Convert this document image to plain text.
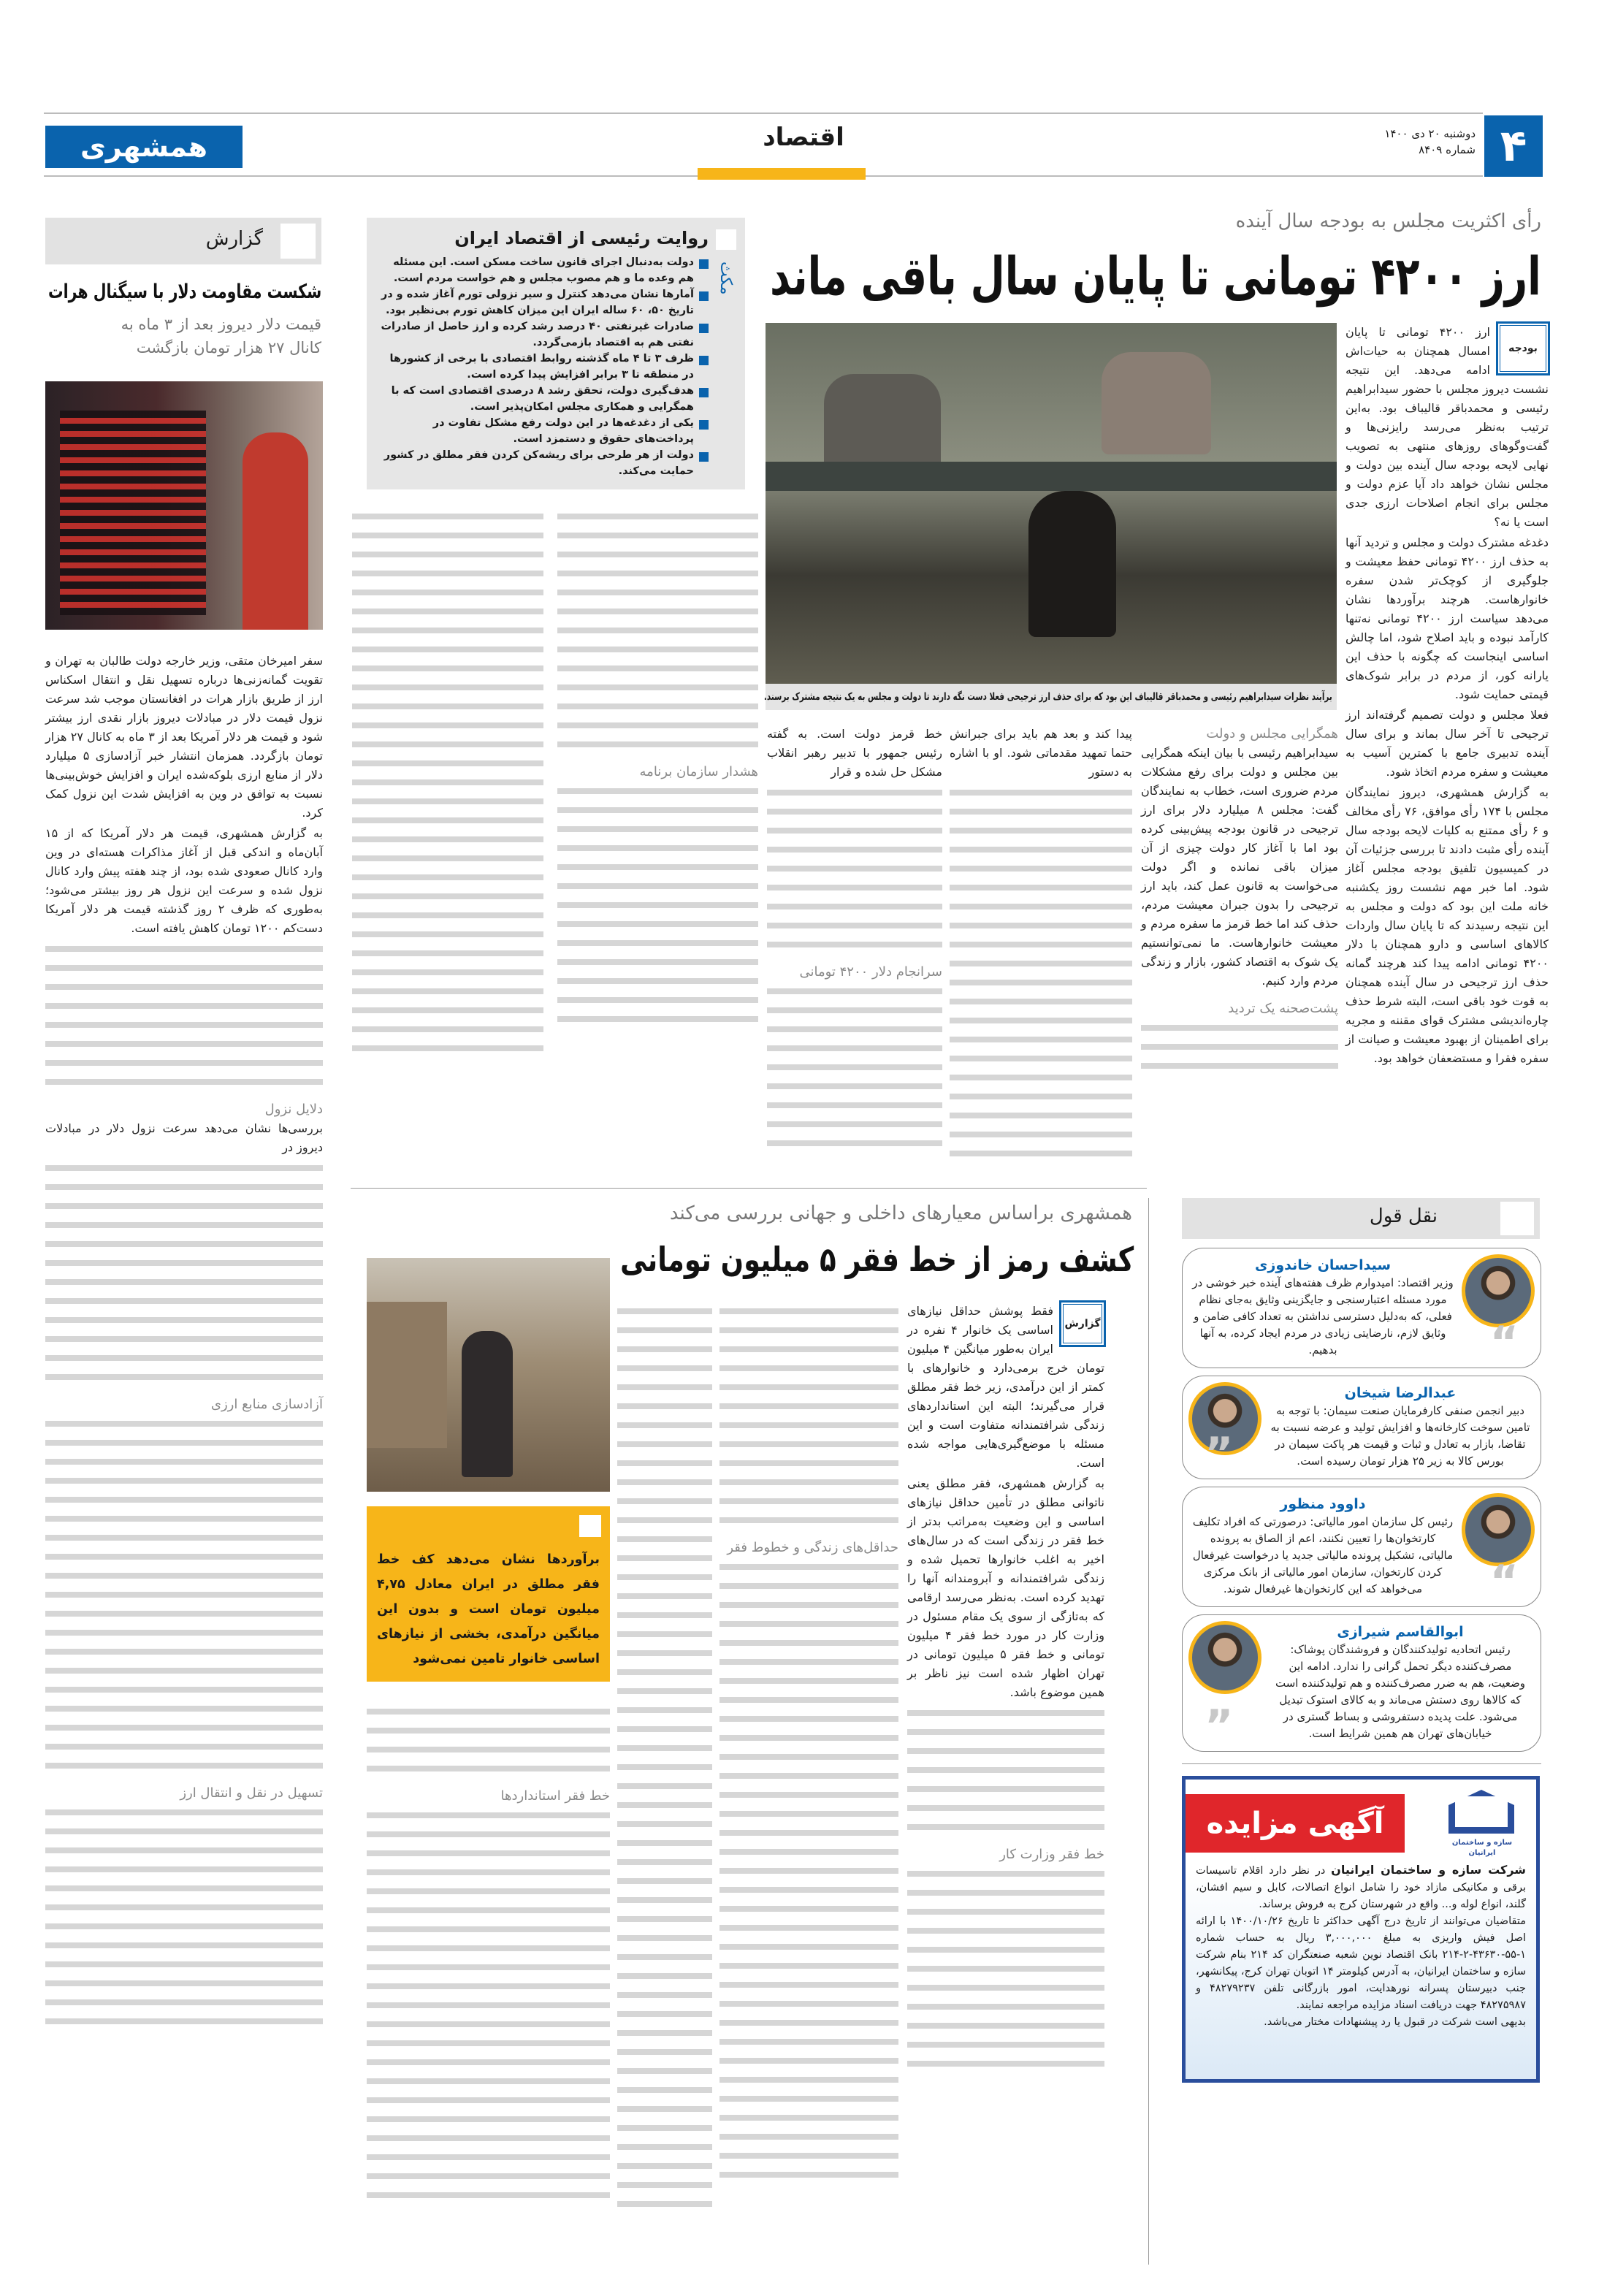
۴
دوشنبه ۲۰ دی ۱۴۰۰
شماره ۸۴۰۹
اقتصاد
همشهری
رأی اکثریت مجلس به بودجه سال آینده
ارز ۴۲۰۰ تومانی تا پایان سال باقی ماند
برآیند نظرات سیدابراهیم رئیسی و محمدباقر قالیباف این بود که برای حذف ارز ترجیحی فعلا دست نگه دارند تا دولت و مجلس به یک نتیجه مشترک برسند.
بودجه

ارز ۴۲۰۰ تومانی تا پایان امسال همچنان به حیات‌اش ادامه می‌دهد. این نتیجه نشست دیروز مجلس با حضور سیدابراهیم رئیسی و محمدباقر قالیباف بود. به‌این ترتیب به‌نظر می‌رسد رایزنی‌ها و گفت‌وگوهای روزهای منتهی به تصویب نهایی لایحه بودجه سال آینده بین دولت و مجلس نشان خواهد داد آیا عزم دولت و مجلس برای انجام اصلاحات ارزی جدی است یا نه؟

دغدغه مشترک دولت و مجلس و تردید آنها به حذف ارز ۴۲۰۰ تومانی حفظ معیشت و جلوگیری از کوچک‌تر شدن سفره خانوارهاست. هرچند برآوردها نشان می‌دهد سیاست ارز ۴۲۰۰ تومانی نه‌تنها کارآمد نبوده و باید اصلاح شود، اما چالش اساسی اینجاست که چگونه با حذف این یارانه کور، از مردم در برابر شوک‌های قیمتی حمایت شود.

فعلا مجلس و دولت تصمیم گرفته‌اند ارز ترجیحی تا آخر سال بماند و برای سال آینده تدبیری جامع با کمترین آسیب به معیشت و سفره مردم اتخاذ شود.

به گزارش همشهری، دیروز نمایندگان مجلس با ۱۷۴ رأی موافق، ۷۶ رأی مخالف و ۶ رأی ممتنع به کلیات لایحه بودجه سال آینده رأی مثبت دادند تا بررسی جزئیات آن در کمیسیون تلفیق بودجه مجلس آغاز شود. اما خبر مهم نشست روز یکشنبه خانه ملت این بود که دولت و مجلس به این نتیجه رسیدند که تا پایان سال واردات کالاهای اساسی و دارو همچنان با دلار ۴۲۰۰ تومانی ادامه پیدا کند هرچند گمانه حذف ارز ترجیحی در سال آینده همچنان به قوت خود باقی است، البته شرط حذف چاره‌اندیشی مشترک قوای مقننه و مجریه برای اطمینان از بهبود معیشت و صیانت از سفره فقرا و مستضعفان خواهد بود.

همگرایی مجلس و دولت

سیدابراهیم رئیسی با بیان اینکه همگرایی بین مجلس و دولت برای رفع مشکلات مردم ضروری است، خطاب به نمایندگان گفت: مجلس ۸ میلیارد دلار برای ارز ترجیحی در قانون بودجه پیش‌بینی کرده بود اما با آغاز کار دولت چیزی از آن میزان باقی نمانده و اگر دولت می‌خواست به قانون عمل کند، باید ارز ترجیحی را بدون جبران معیشت مردم، حذف کند اما خط قرمز ما سفره مردم و معیشت خانوارهاست. ما نمی‌توانستیم یک شوک به اقتصاد کشور، بازار و زندگی مردم وارد کنیم.

پشت‌صحنه یک تردید

پیدا کند و بعد هم باید برای جبرانش حتما تمهید مقدماتی شود. او با اشاره به دستور

خط قرمز دولت است. به گفته رئیس جمهور با تدبیر رهبر انقلاب مشکل حل شده و قرار

سرانجام دلار ۴۲۰۰ تومانی
مکث
روایت رئیسی از اقتصاد ایران
دولت به‌دنبال اجرای قانون ساخت مسکن است. این مسئله هم وعده ما و هم مصوب مجلس و هم خواست مردم است.
آمارها نشان می‌دهد کنترل و سیر نزولی تورم آغاز شده و در تاریخ ۵۰، ۶۰ ساله ایران این میزان کاهش تورم بی‌نظیر بود.
صادرات غیرنفتی ۴۰ درصد رشد کرده و ارز حاصل از صادرات نفتی هم به اقتصاد بازمی‌گردد.
ظرف ۳ تا ۴ ماه گذشته روابط اقتصادی با برخی از کشورها در منطقه تا ۳ برابر افزایش پیدا کرده است.
هدف‌گیری دولت، تحقق رشد ۸ درصدی اقتصادی است که با همگرایی و همکاری مجلس امکان‌پذیر است.
یکی از دغدغه‌ها در این دولت رفع مشکل تفاوت در پرداخت‌های حقوق و دستمزد است.
دولت از هر طرحی برای ریشه‌کن کردن فقر مطلق در کشور حمایت می‌کند.
هشدار سازمان برنامه
گزارش
شکست مقاومت دلار با سیگنال هرات
قیمت دلار دیروز بعد از ۳ ماه به کانال ۲۷ هزار تومان بازگشت

سفر امیرخان متقی، وزیر خارجه دولت طالبان به تهران و تقویت گمانه‌زنی‌ها درباره تسهیل نقل و انتقال اسکناس ارز از طریق بازار هرات در افغانستان موجب شد سرعت نزول قیمت دلار در مبادلات دیروز بازار نقدی ارز بیشتر شود و قیمت هر دلار آمریکا بعد از ۳ ماه به کانال ۲۷ هزار تومان بازگردد. همزمان انتشار خبر آزادسازی ۵ میلیارد دلار از منابع ارزی بلوکه‌شده ایران و افزایش خوش‌بینی‌ها نسبت به توافق در وین به افزایش شدت این نزول کمک کرد.

به گزارش همشهری، قیمت هر دلار آمریکا که از ۱۵ آبان‌ماه و اندکی قبل از آغاز مذاکرات هسته‌ای در وین وارد کانال صعودی شده بود، از چند هفته پیش وارد کانال نزول شده و سرعت این نزول هر روز بیشتر می‌شود؛ به‌طوری که ظرف ۲ روز گذشته قیمت هر دلار آمریکا دست‌کم ۱۲۰۰ تومان کاهش یافته است.

دلایل نزول

بررسی‌ها نشان می‌دهد سرعت نزول دلار در مبادلات دیروز در

آزادسازی منابع ارزی
تسهیل در نقل و انتقال ارز
همشهری براساس معیارهای داخلی و جهانی بررسی می‌کند
کشف رمز از خط فقر ۵ میلیون تومانی
برآوردها نشان می‌دهد کف خط فقر مطلق در ایران معادل ۴,۷۵ میلیون تومان است و بدون این میانگین درآمدی، بخشی از نیازهای اساسی خانوار تامین نمی‌شود
گزارش

فقط پوشش حداقل نیازهای اساسی یک خانوار ۴ نفره در ایران به‌طور میانگین ۴ میلیون تومان خرج برمی‌دارد و خانوارهای با کمتر از این درآمدی، زیر خط فقر مطلق قرار می‌گیرند؛ البته این استانداردهای زندگی شرافتمندانه متفاوت است و این مسئله با موضع‌گیری‌هایی مواجه شده است.

به گزارش همشهری، فقر مطلق یعنی ناتوانی مطلق در تأمین حداقل نیازهای اساسی و این وضعیت به‌مراتب بدتر از خط فقر در زندگی است که در سال‌های اخیر به اغلب خانوارها تحمیل شده و زندگی شرافتمندانه و آبرومندانه آنها را تهدید کرده است. به‌نظر می‌رسد ارقامی که به‌تازگی از سوی یک مقام مسئول در وزارت کار در مورد خط فقر ۴ میلیون تومانی و خط فقر ۵ میلیون تومانی در تهران اظهار شده است نیز ناظر بر همین موضوع باشد.

خط فقر وزارت کار
حداقل‌های زندگی و خطوط فقر
خط فقر استانداردها
نقل قول
“
سیداحسان خاندوزی
وزیر اقتصاد: امیدوارم ظرف هفته‌های آینده خبر خوشی در مورد مسئله اعتبارسنجی و جایگزینی وثایق به‌جای نظام فعلی، که به‌دلیل دسترسی نداشتن به تعداد کافی ضامن و وثایق لازم، نارضایتی زیادی در مردم ایجاد کرده، به آنها بدهیم.
”
عبدالرضا شیخان
دبیر انجمن صنفی کارفرمایان صنعت سیمان: با توجه به تامین سوخت کارخانه‌ها و افزایش تولید و عرضه نسبت به تقاضا، بازار به تعادل و ثبات و قیمت هر پاکت سیمان در بورس کالا به زیر ۲۵ هزار تومان رسیده است.
“
داوود منظور
رئیس کل سازمان امور مالیاتی: درصورتی که افراد تکلیف کارتخوان‌ها را تعیین نکنند، اعم از الصاق به پرونده مالیاتی، تشکیل پرونده مالیاتی جدید یا درخواست غیرفعال کردن کارتخوان، سازمان امور مالیاتی از بانک مرکزی می‌خواهد که این کارتخوان‌ها غیرفعال شوند.
”
ابوالقاسم شیرازی
رئیس اتحادیه تولیدکنندگان و فروشندگان پوشاک: مصرف‌کننده دیگر تحمل گرانی را ندارد. ادامه این وضعیت، هم به ضرر مصرف‌کننده و هم تولیدکننده است که کالاها روی دستش می‌ماند و به کالای استوک تبدیل می‌شود. علت پدیده دستفروشی و بساط گستری در خیابان‌های تهران هم همین شرایط است.
آگهی مزایده
سازه و ساختمان ایرانیان
شرکت سازه و ساختمان ایرانیان در نظر دارد اقلام تاسیسات برقی و مکانیکی مازاد خود را شامل انواع اتصالات، کابل و سیم افشان، گلند، انواع لوله و... واقع در شهرستان کرج به فروش برساند.
متقاضیان می‌توانند از تاریخ درج آگهی حداکثر تا تاریخ ۱۴۰۰/۱۰/۲۶ با ارائه اصل فیش واریزی به مبلغ ۳,۰۰۰,۰۰۰ ریال به حساب شماره ۱-۵۵-۴۳۶۳۰-۲-۲۱۴ بانک اقتصاد نوین شعبه صنعتگران کد ۲۱۴ بنام شرکت سازه و ساختمان ایرانیان، به آدرس کیلومتر ۱۴ اتوبان تهران کرج، پیکانشهر، جنب دبیرستان پسرانه نورهدایت، امور بازرگانی تلفن ۴۸۲۷۹۲۳۷ و ۴۸۲۷۵۹۸۷ جهت دریافت اسناد مزایده مراجعه نمایند.
بدیهی است شرکت در قبول یا رد پیشنهادات مختار می‌باشد.
